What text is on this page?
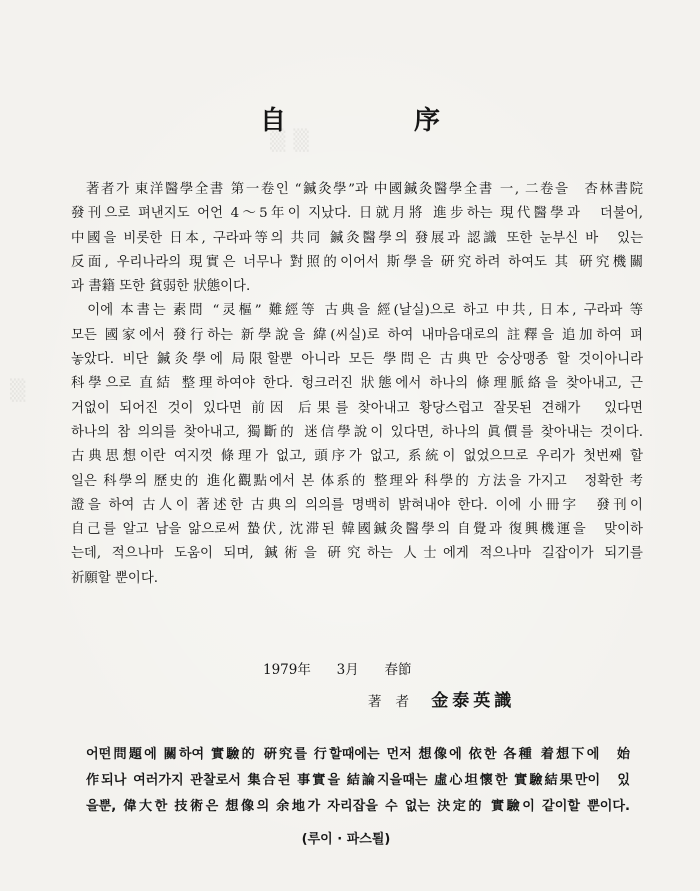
▒▒
▒
自	序
　著者가 東洋醫學全書 第一卷인 “鍼灸學”과 中國鍼灸醫學全書 一, 二卷을　杏林書院
發刊으로 펴낸지도 어언 4～5年이 지났다. 日就月將 進步하는 現代醫學과　더불어,
中國을 비롯한 日本, 구라파等의 共同 鍼灸醫學의 發展과 認識 또한 눈부신 바　있는
反面, 우리나라의 現實은 너무나 對照的이어서 斯學을 硏究하려 하여도 其 硏究機關
과 書籍 또한 貧弱한 狀態이다.
　이에 本書는 素問 “灵樞” 難經等 古典을 經(날실)으로 하고 中共, 日本, 구라파 等
모든 國家에서 發行하는 新學說을 緯(씨실)로 하여 내마음대로의 註釋을 追加하여 펴
놓았다. 비단 鍼灸學에 局限할뿐 아니라 모든 學問은 古典만 숭상맹종 할 것이아니라
科學으로 直結 整理하여야 한다. 헝크러진 狀態에서 하나의 條理脈絡을 찾아내고, 근
거없이 되어진 것이 있다면 前因 后果를 찾아내고 황당스럽고 잘못된 견해가　있다면
하나의 참 의의를 찾아내고, 獨斷的 迷信學說이 있다면, 하나의 眞價를 찾아내는 것이다.
古典思想이란 여지껏 條理가 없고, 頭序가 없고, 系統이 없었으므로 우리가 첫번째 할
일은 科學의 歷史的 進化觀點에서 본 体系的 整理와 科學的 方法을 가지고　정확한 考
證을 하여 古人이 著述한 古典의 의의를 명백히 밝혀내야 한다. 이에 小冊字　發刊이
自己를 알고 남을 앎으로써 蟄伏, 沈滞된 韓國鍼灸醫學의 自覺과 復興機運을　맞이하
는데, 적으나마 도움이 되며, 鍼術을 硏究하는 人士에게 적으나마 길잡이가 되기를
祈願할 뿐이다.
1979年 3月 春節
著者 金泰英識
어떤問題에 關하여 實驗的 硏究를 行할때에는 먼저 想像에 依한 各種 着想下에　始
作되나 여러가지 관찰로서 集合된 事實을 結論지을때는 虛心坦懷한 實驗結果만이　있
을뿐, 偉大한 技術은 想像의 余地가 자리잡을 수 없는 決定的 實驗이 같이할 뿐이다.
(루이 · 파스퇼)
